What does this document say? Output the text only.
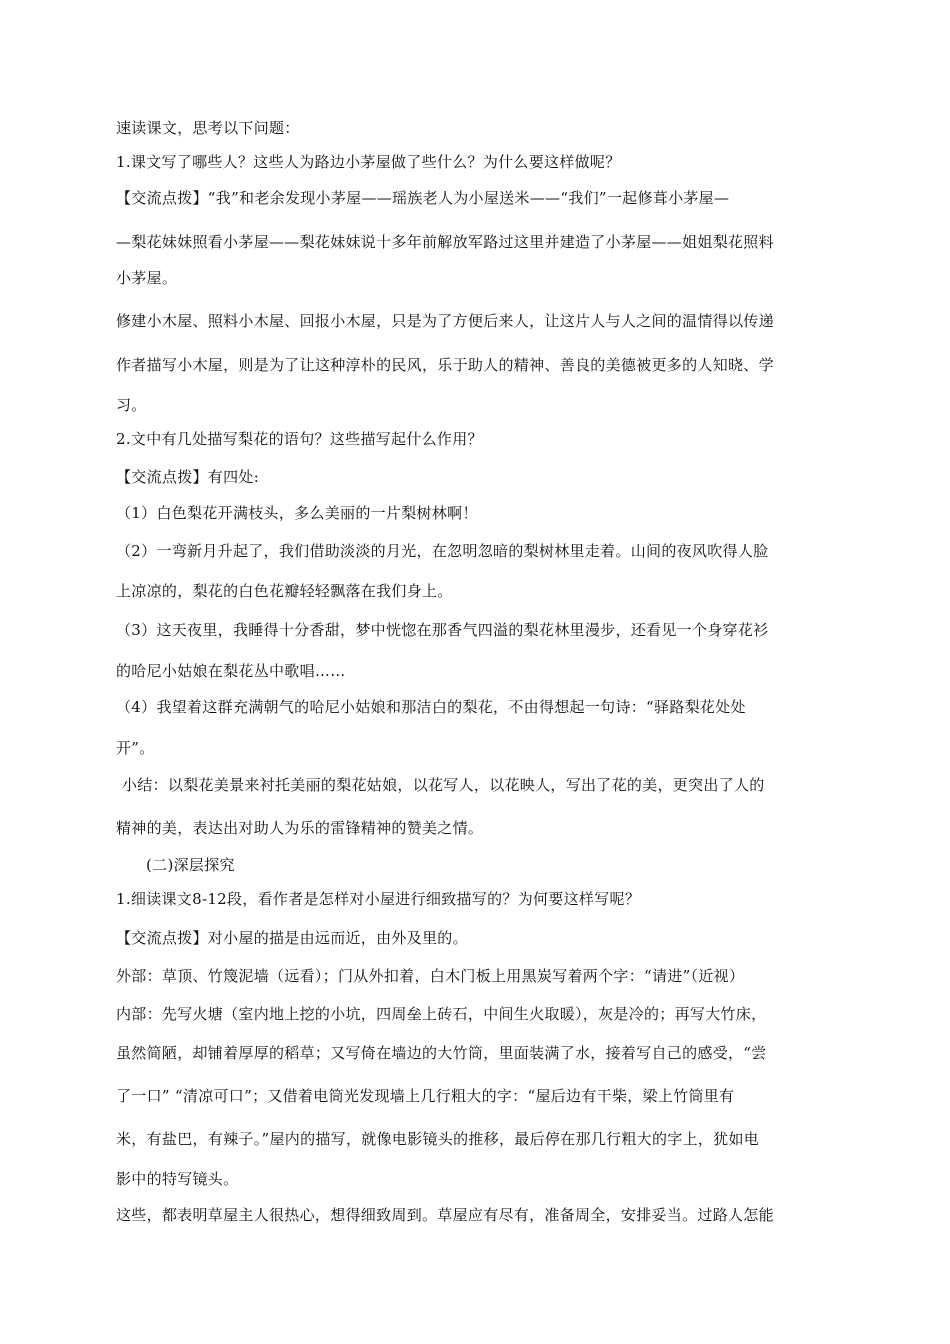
速读课文，思考以下问题：
1.课文写了哪些人？这些人为路边小茅屋做了些什么？为什么要这样做呢？
【交流点拨】“我”和老余发现小茅屋——瑶族老人为小屋送米——“我们”一起修葺小茅屋—
—梨花妹妹照看小茅屋——梨花妹妹说十多年前解放军路过这里并建造了小茅屋——姐姐梨花照料
小茅屋。
修建小木屋、照料小木屋、回报小木屋，只是为了方便后来人，让这片人与人之间的温情得以传递
作者描写小木屋，则是为了让这种淳朴的民风，乐于助人的精神、善良的美德被更多的人知晓、学
习。
2.文中有几处描写梨花的语句？这些描写起什么作用？
【交流点拨】有四处:
（1）白色梨花开满枝头，多么美丽的一片梨树林啊！
（2）一弯新月升起了，我们借助淡淡的月光，在忽明忽暗的梨树林里走着。山间的夜风吹得人脸
上凉凉的，梨花的白色花瓣轻轻飘落在我们身上。
（3）这天夜里，我睡得十分香甜，梦中恍惚在那香气四溢的梨花林里漫步，还看见一个身穿花衫
的哈尼小姑娘在梨花丛中歌唱……
（4）我望着这群充满朝气的哈尼小姑娘和那洁白的梨花，不由得想起一句诗：“驿路梨花处处
开”。
小结：以梨花美景来衬托美丽的梨花姑娘，以花写人，以花映人，写出了花的美，更突出了人的
精神的美，表达出对助人为乐的雷锋精神的赞美之情。
(二)深层探究
1.细读课文8-12段，看作者是怎样对小屋进行细致描写的？为何要这样写呢？
【交流点拨】对小屋的描是由远而近，由外及里的。
外部：草顶、竹篾泥墙（远看）；门从外扣着，白木门板上用黑炭写着两个字：“请进”（近视）
内部：先写火塘（室内地上挖的小坑，四周垒上砖石，中间生火取暖），灰是冷的；再写大竹床，
虽然简陋，却铺着厚厚的稻草；又写倚在墙边的大竹筒，里面装满了水，接着写自己的感受，“尝
了一口” “清凉可口”；又借着电筒光发现墙上几行粗大的字：“屋后边有干柴，梁上竹筒里有
米，有盐巴，有辣子。”屋内的描写，就像电影镜头的推移，最后停在那几行粗大的字上，犹如电
影中的特写镜头。
这些，都表明草屋主人很热心，想得细致周到。草屋应有尽有，准备周全，安排妥当。过路人怎能
